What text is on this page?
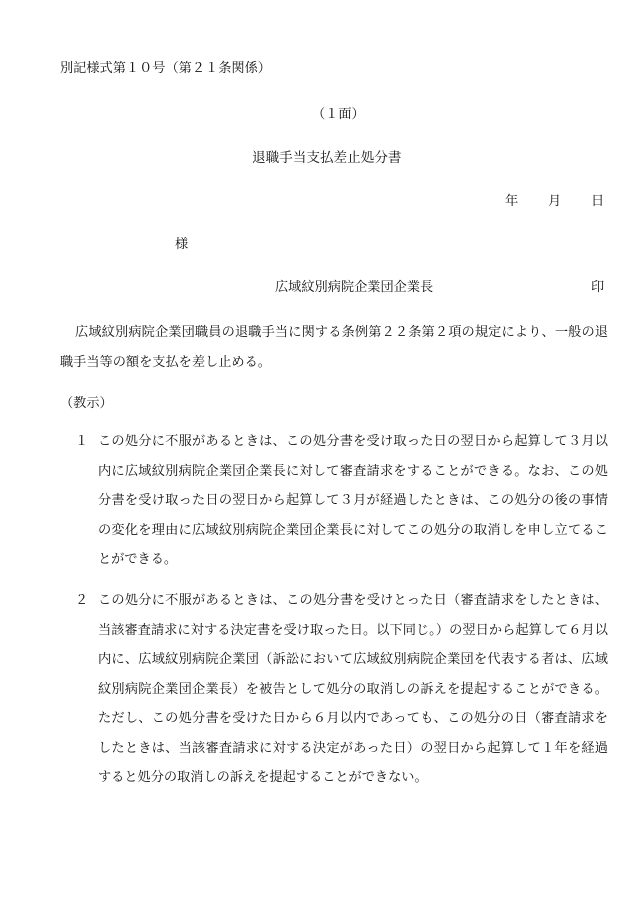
別記様式第１０号（第２１条関係）

（１面）

退職手当支払差止処分書

年 月 日

様

広域紋別病院企業団企業長	印

広域紋別病院企業団職員の退職手当に関する条例第２２条第２項の規定により、一般の退職手当等の額を支払を差し止める。

（教示）

１ この処分に不服があるときは、この処分書を受け取った日の翌日から起算して３月以内に広域紋別病院企業団企業長に対して審査請求をすることができる。なお、この処分書を受け取った日の翌日から起算して３月が経過したときは、この処分の後の事情の変化を理由に広域紋別病院企業団企業長に対してこの処分の取消しを申し立てることができる。

２ この処分に不服があるときは、この処分書を受けとった日（審査請求をしたときは、当該審査請求に対する決定書を受け取った日。以下同じ。）の翌日から起算して６月以内に、広域紋別病院企業団（訴訟において広域紋別病院企業団を代表する者は、広域紋別病院企業団企業長）を被告として処分の取消しの訴えを提起することができる。ただし、この処分書を受けた日から６月以内であっても、この処分の日（審査請求をしたときは、当該審査請求に対する決定があった日）の翌日から起算して１年を経過すると処分の取消しの訴えを提起することができない。
